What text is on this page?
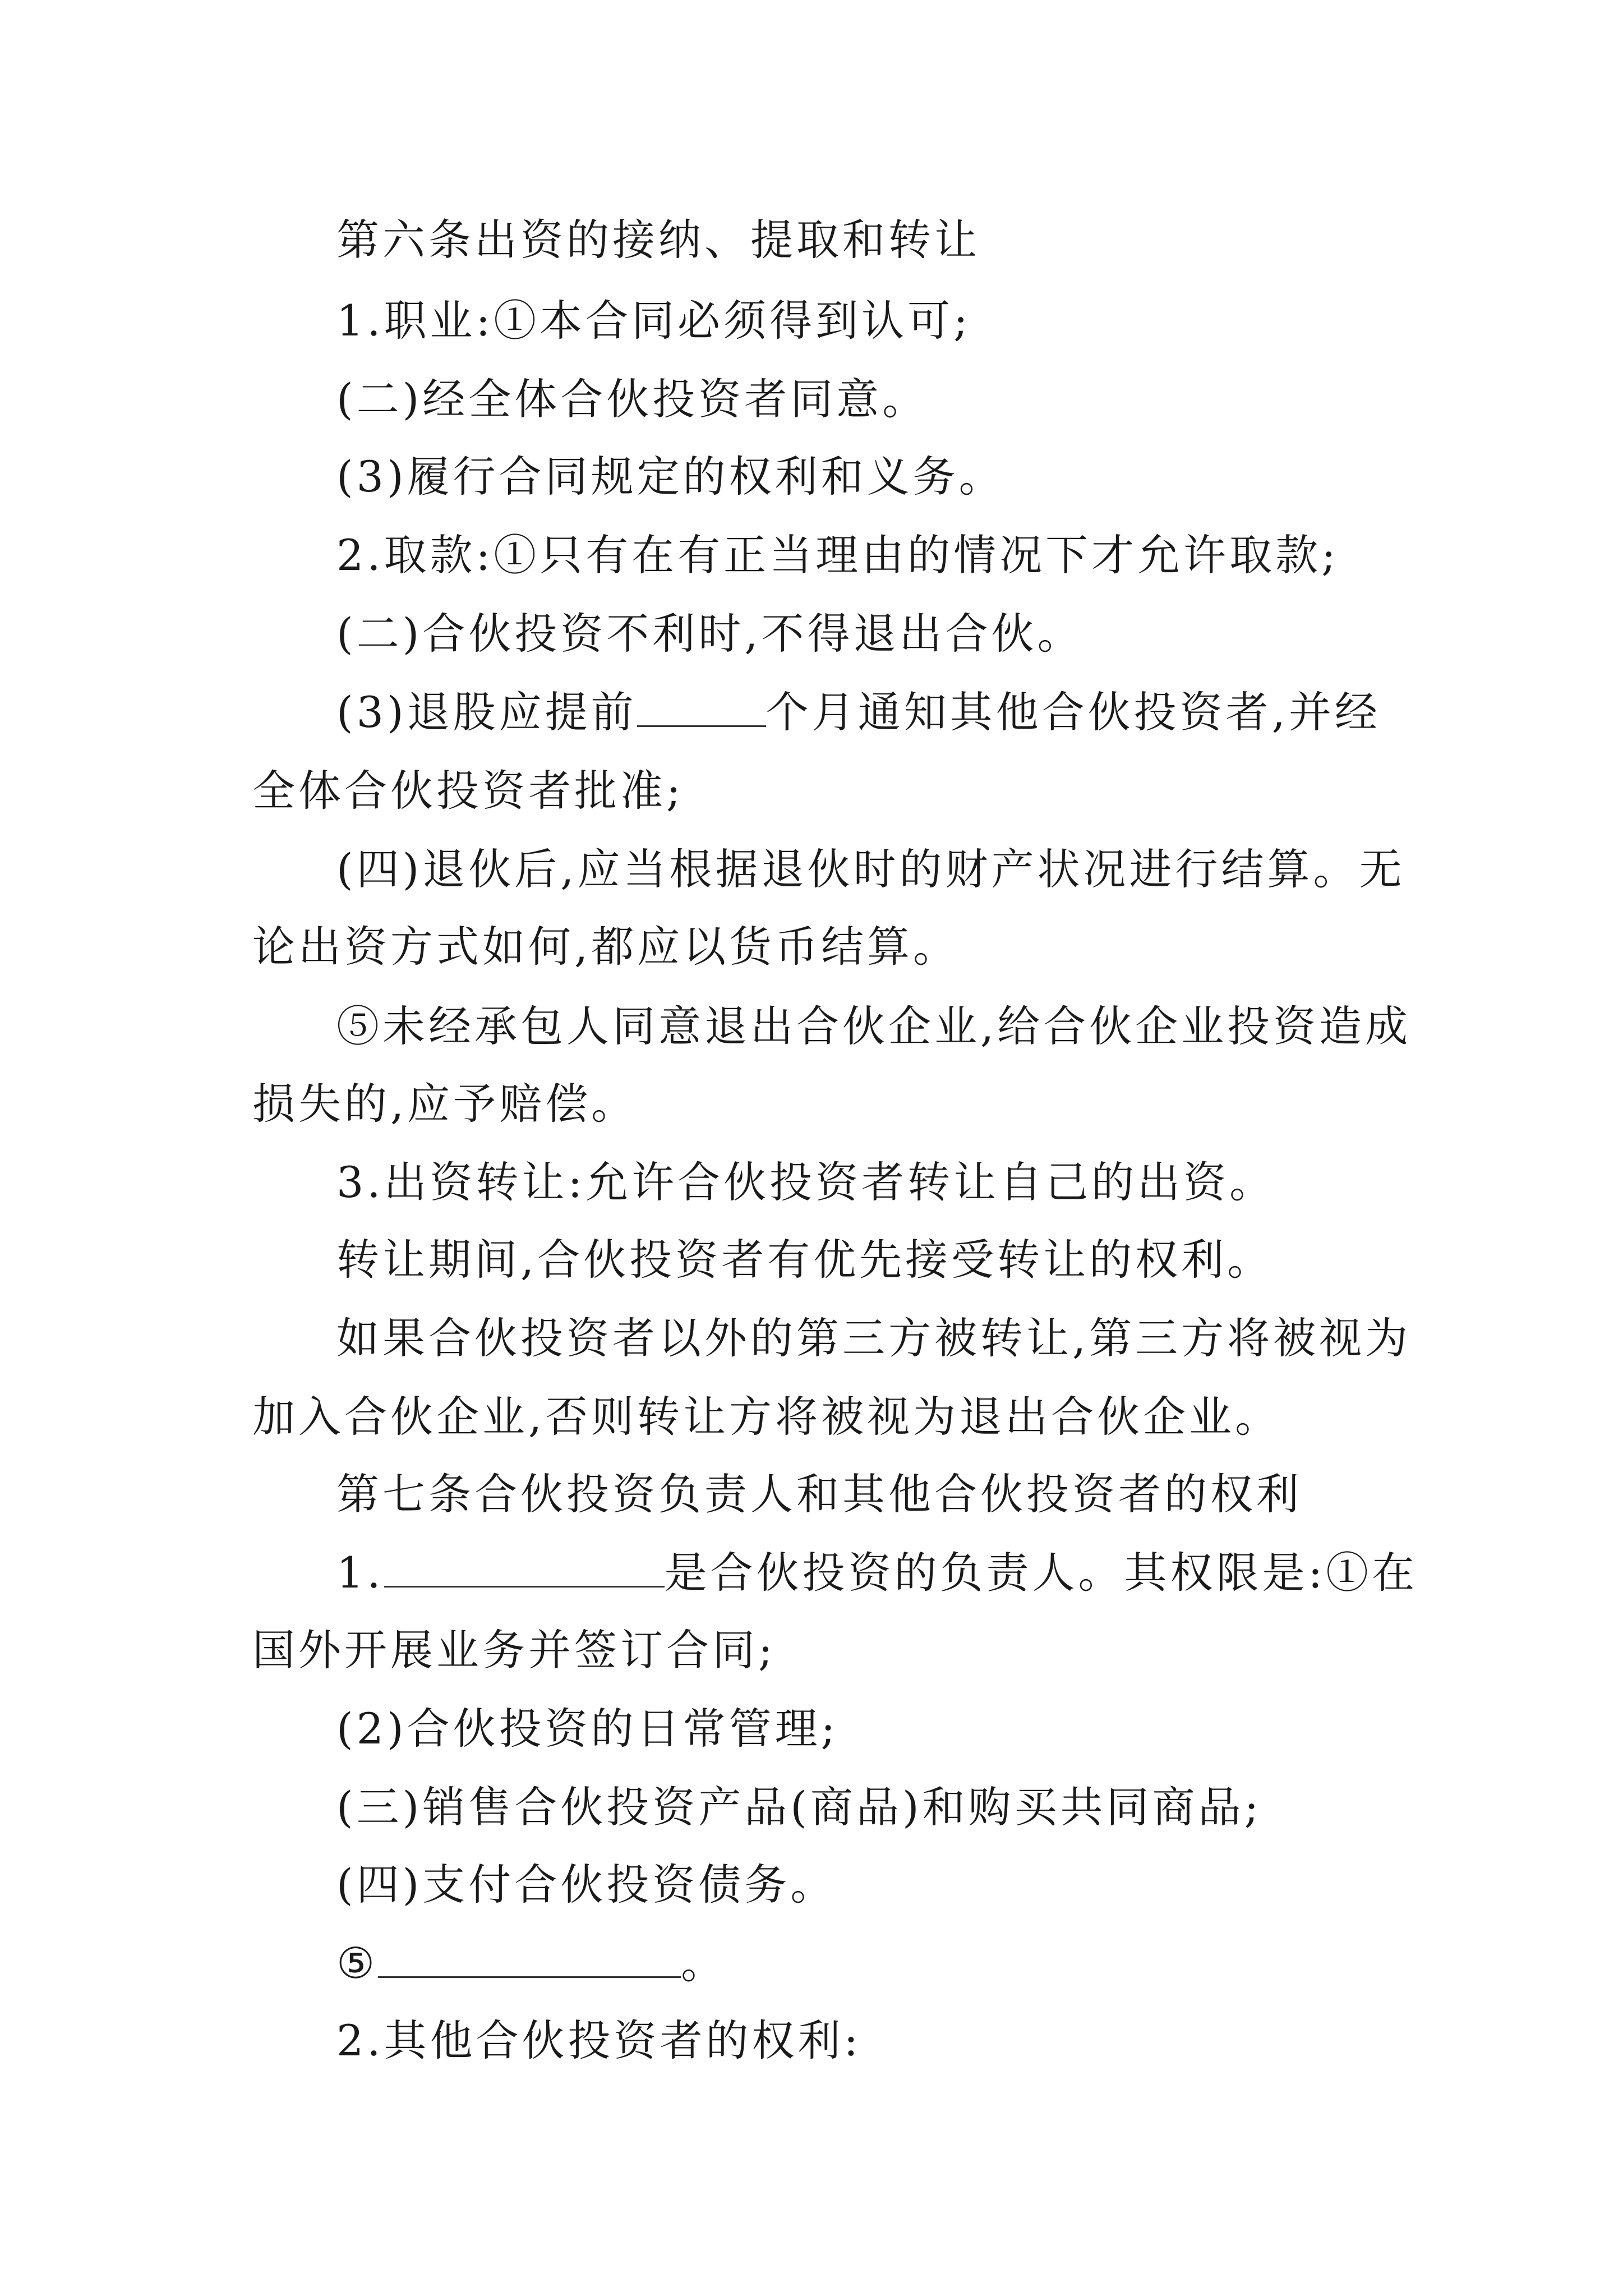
第六条出资的接纳、提取和转让
1.职业:①本合同必须得到认可;
(二)经全体合伙投资者同意。
(3)履行合同规定的权利和义务。
2.取款:①只有在有正当理由的情况下才允许取款;
(二)合伙投资不利时,不得退出合伙。
(3)退股应提前	个月通知其他合伙投资者,并经
全体合伙投资者批准;
(四)退伙后,应当根据退伙时的财产状况进行结算。无
论出资方式如何,都应以货币结算。
⑤未经承包人同意退出合伙企业,给合伙企业投资造成
损失的,应予赔偿。
3.出资转让:允许合伙投资者转让自己的出资。
转让期间,合伙投资者有优先接受转让的权利。
如果合伙投资者以外的第三方被转让,第三方将被视为
加入合伙企业,否则转让方将被视为退出合伙企业。
第七条合伙投资负责人和其他合伙投资者的权利
1.	是合伙投资的负责人。其权限是:①在
国外开展业务并签订合同;
(2)合伙投资的日常管理;
(三)销售合伙投资产品(商品)和购买共同商品;
(四)支付合伙投资债务。
⑤	。
2.其他合伙投资者的权利:
